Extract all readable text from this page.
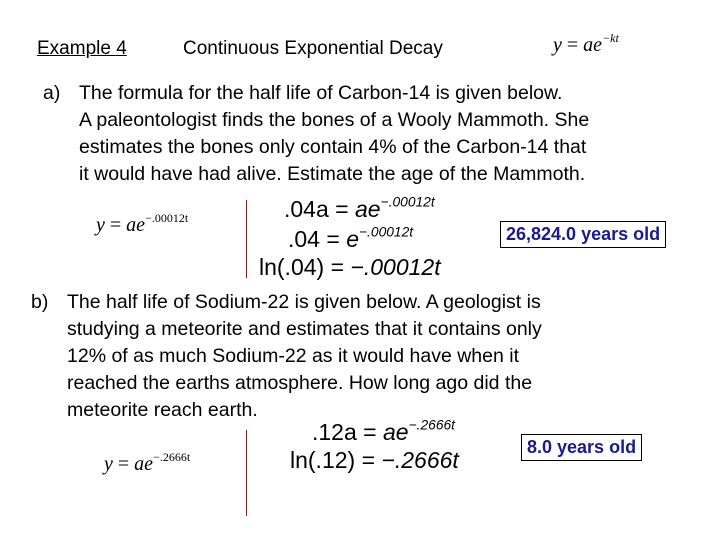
Example 4	Continuous Exponential Decay	$y = ae^{-kt}$
a) The formula for the half life of Carbon-14 is given below.
A paleontologist finds the bones of a Wooly Mammoth. She
estimates the bones only contain 4% of the Carbon-14 that
it would have had alive. Estimate the age of the Mammoth.
$y = ae^{-.00012t}$	$.04a = ae^{-.00012t}$
$.04 = e^{-.00012t}$
ln(.04) = −.00012t
26,824.0 years old
b) The half life of Sodium-22 is given below. A geologist is
studying a meteorite and estimates that it contains only
12% of as much Sodium-22 as it would have when it
reached the earths atmosphere. How long ago did the
meteorite reach earth.
$y = ae^{-.2666t}$
$.12a = ae^{-.2666t}$
ln(.12) = −.2666t	8.0 years old
